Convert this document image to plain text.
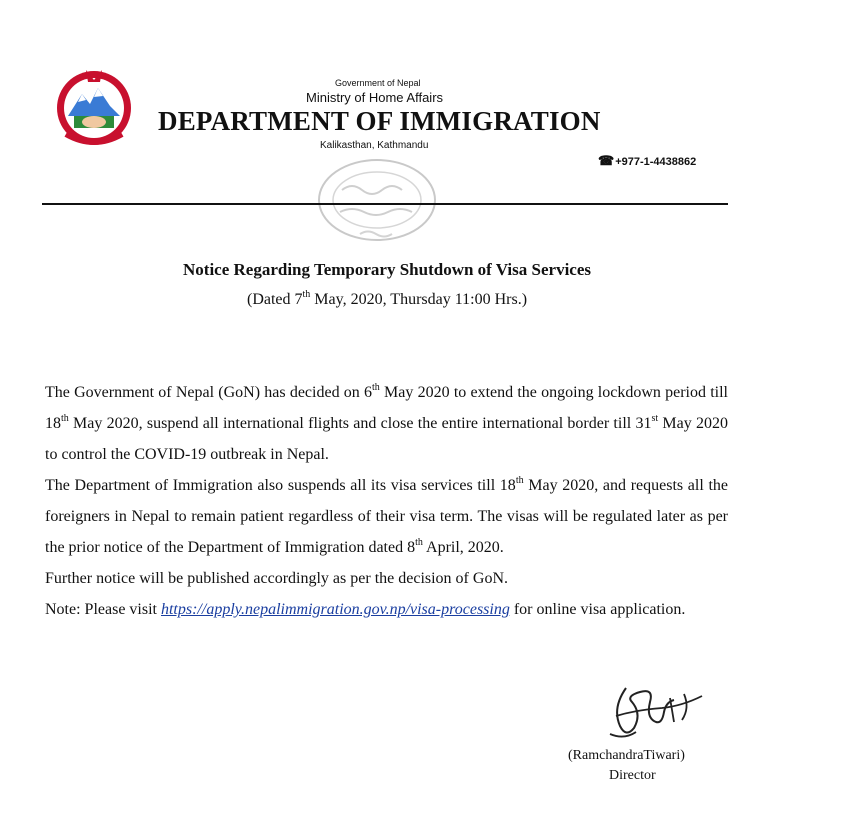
Government of Nepal
Ministry of Home Affairs
DEPARTMENT OF IMMIGRATION
Kalikasthan, Kathmandu
☎+977-1-4438862
Notice Regarding Temporary Shutdown of Visa Services
(Dated 7th May, 2020, Thursday 11:00 Hrs.)

The Government of Nepal (GoN) has decided on 6th May 2020 to extend the ongoing lockdown period till 18th May 2020, suspend all international flights and close the entire international border till 31st May 2020 to control the COVID-19 outbreak in Nepal.

The Department of Immigration also suspends all its visa services till 18th May 2020, and requests all the foreigners in Nepal to remain patient regardless of their visa term. The visas will be regulated later as per the prior notice of the Department of Immigration dated 8th April, 2020.

Further notice will be published accordingly as per the decision of GoN.

Note: Please visit https://apply.nepalimmigration.gov.np/visa-processing for online visa application.

(RamchandraTiwari)
Director
